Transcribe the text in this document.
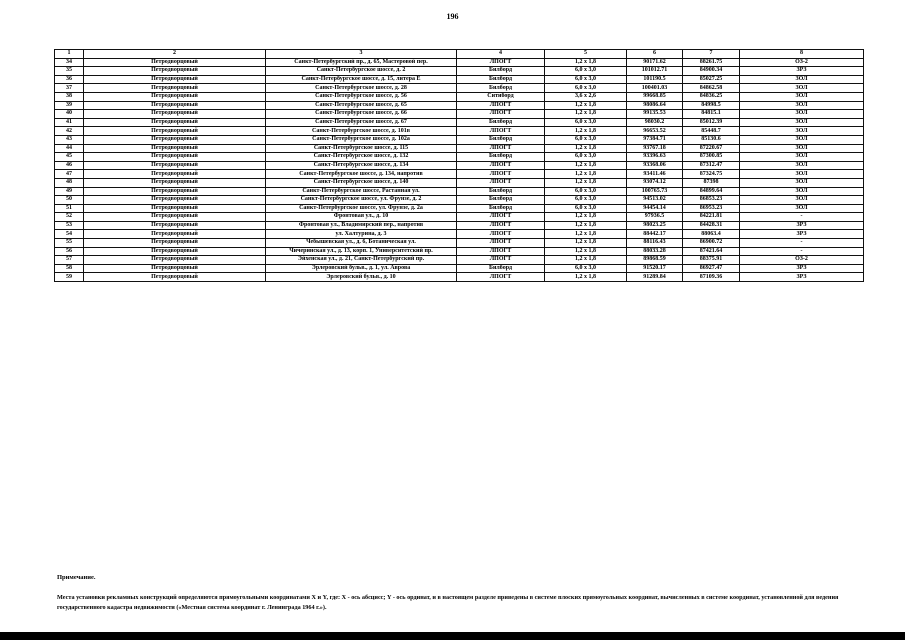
196
1	2	3	4	5	6	7	8
34	Петродворцовый	Санкт-Петербургский пр., д. 65, Мастеровой пер.	ЛПОГТ	1,2 х 1,8	90171.62	88261.75	ОЗ-2
35	Петродворцовый	Санкт-Петербургское шоссе, д. 2	Билборд	6,0 х 3,0	101012.71	84900.34	ЗРЗ
36	Петродворцовый	Санкт-Петербургское шоссе, д. 15, литера Е	Билборд	6,0 х 3,0	101190.5	85027.25	ЗОЛ
37	Петродворцовый	Санкт-Петербургское шоссе, д. 28	Билборд	6,0 х 3,0	100401.03	84862.58	ЗОЛ
38	Петродворцовый	Санкт-Петербургское шоссе, д. 56	Ситиборд	3,6 х 2,6	99668.85	84836.25	ЗОЛ
39	Петродворцовый	Санкт-Петербургское шоссе, д. 65	ЛПОГТ	1,2 х 1,8	98086.64	84998.5	ЗОЛ
40	Петродворцовый	Санкт-Петербургское шоссе, д. 66	ЛПОГТ	1,2 х 1,8	99135.53	84815.1	ЗОЛ
41	Петродворцовый	Санкт-Петербургское шоссе, д. 67	Билборд	6,0 х 3,0	98030.2	85012.39	ЗОЛ
42	Петродворцовый	Санкт-Петербургское шоссе, д. 101в	ЛПОГТ	1,2 х 1,8	96653.52	85448.7	ЗОЛ
43	Петродворцовый	Санкт-Петербургское шоссе, д. 102а	Билборд	6,0 х 3,0	97384.71	85130.6	ЗОЛ
44	Петродворцовый	Санкт-Петербургское шоссе, д. 115	ЛПОГТ	1,2 х 1,8	93767.18	87220.67	ЗОЛ
45	Петродворцовый	Санкт-Петербургское шоссе, д. 132	Билборд	6,0 х 3,0	93396.63	87300.85	ЗОЛ
46	Петродворцовый	Санкт-Петербургское шоссе, д. 134	ЛПОГТ	1,2 х 1,8	93368.06	87312.47	ЗОЛ
47	Петродворцовый	Санкт-Петербургское шоссе, д. 134, напротив	ЛПОГТ	1,2 х 1,8	93411.46	87324.75	ЗОЛ
48	Петродворцовый	Санкт-Петербургское шоссе, д. 140	ЛПОГТ	1,2 х 1,8	93074.12	87398	ЗОЛ
49	Петродворцовый	Санкт-Петербургское шоссе, Растанная ул.	Билборд	6,0 х 3,0	100765.73	84899.64	ЗОЛ
50	Петродворцовый	Санкт-Петербургское шоссе, ул. Фрунзе, д. 2	Билборд	6,0 х 3,0	94513.02	86853.23	ЗОЛ
51	Петродворцовый	Санкт-Петербургское шоссе, ул. Фрунзе, д. 2а	Билборд	6,0 х 3,0	94454.14	86953.23	ЗОЛ
52	Петродворцовый	Фронтовая ул., д. 10	ЛПОГТ	1,2 х 1,8	97936.5	84221.81	-
53	Петродворцовый	Фронтовая ул., Владимирский пер., напротив	ЛПОГТ	1,2 х 1,8	98023.25	84428.31	ЗРЗ
54	Петродворцовый	ул. Халтурина, д. 3	ЛПОГТ	1,2 х 1,8	88442.17	88063.4	ЗРЗ
55	Петродворцовый	Чебышевская ул., д. 6, Ботаническая ул.	ЛПОГТ	1,2 х 1,8	88116.43	86900.72	-
56	Петродворцовый	Чичеринская ул., д. 13, корп. 1, Университетский пр.	ЛПОГТ	1,2 х 1,8	88033.28	87421.64	-
57	Петродворцовый	Эйхенская ул., д. 21, Санкт-Петербургский пр.	ЛПОГТ	1,2 х 1,8	89868.59	88375.91	ОЗ-2
58	Петродворцовый	Эрлеровский бульв., д. 1, ул. Аврова	Билборд	6,0 х 3,0	91520.17	86927.47	ЗРЗ
59	Петродворцовый	Эрлеровский бульв., д. 10	ЛПОГТ	1,2 х 1,8	91289.84	87109.36	ЗРЗ
Примечание.
Места установки рекламных конструкций определяются прямоугольными координатами X и Y, где: X - ось абсцисс; Y - ось ординат, и в настоящем разделе приведены в системе плоских прямоугольных координат, вычисленных в системе координат, установленной для ведения государственного кадастра недвижимости («Местная система координат г. Ленинграда 1964 г.»).
